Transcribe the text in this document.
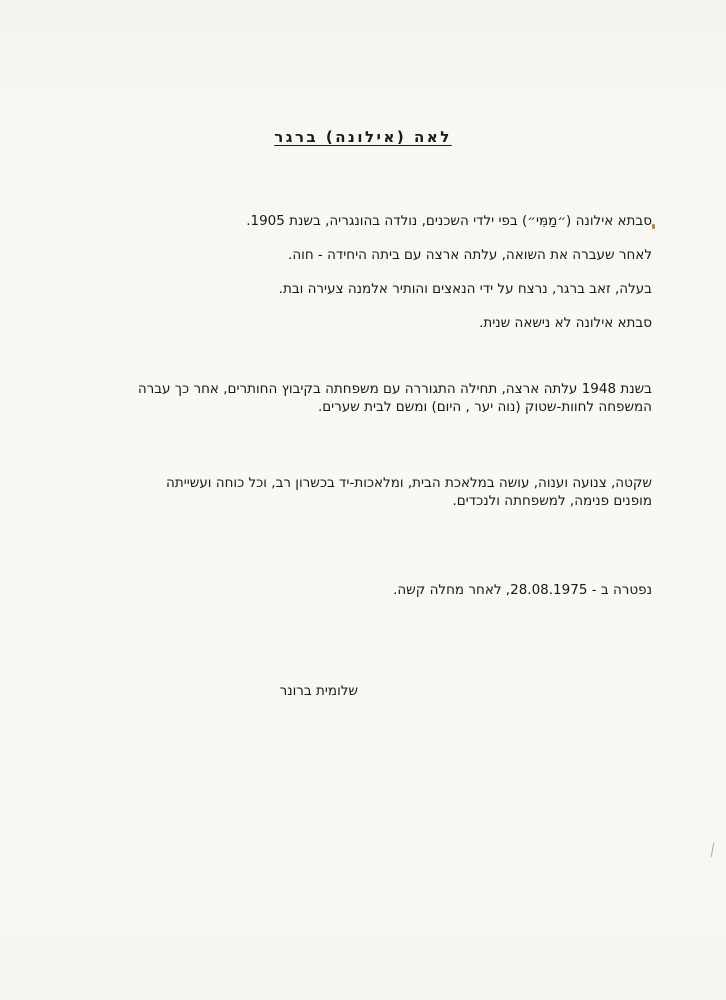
לאה (אילונה) ברגר
סבתא אילונה (״מַמִּי״) בפי ילדי השכנים, נולדה בהונגריה, בשנת 1905.
לאחר שעברה את השואה, עלתה ארצה עם ביתה היחידה - חוה.
בעלה, זאב ברגר, נרצח על ידי הנאצים והותיר אלמנה צעירה ובת.
סבתא אילונה לא נישאה שנית.
בשנת 1948 עלתה ארצה, תחילה התגוררה עם משפחתה בקיבוץ החותרים, אחר כך עברה
המשפחה לחוות-שטוק (נוה יער , היום) ומשם לבית שערים.
שקטה, צנועה וענוה, עושה במלאכת הבית, ומלאכות-יד בכשרון רב, וכל כוחה ועשייתה
מופנים פנימה, למשפחתה ולנכדים.
נפטרה ב - 28.08.1975, לאחר מחלה קשה.
שלומית ברונר
